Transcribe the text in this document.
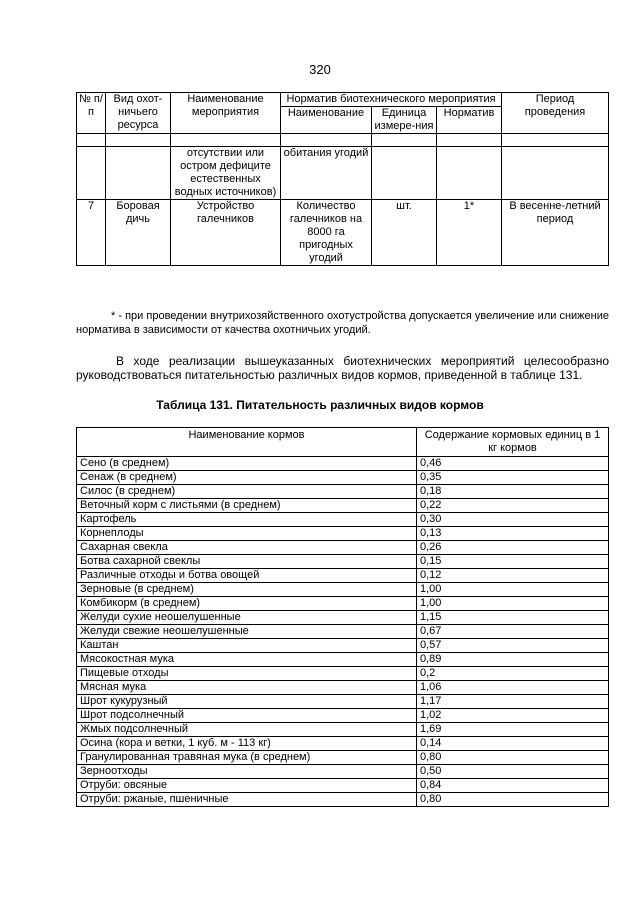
320
№ п/п	Вид охот-ничьего ресурса	Наименование мероприятия	Норматив биотехнического мероприятия			Период проведения
			Наименование	Единица измере-ния	Норматив	

		отсутствии или остром дефиците естественных водных источников)	обитания угодий			
7	Боровая дичь	Устройство галечников	Количество галечников на 8000 га пригодных угодий	шт.	1*	В весенне-летний период
* - при проведении внутрихозяйственного охотустройства допускается увеличение или снижение норматива в зависимости от качества охотничьих угодий.
В ходе реализации вышеуказанных биотехнических мероприятий целесообразно руководствоваться питательностью различных видов кормов, приведенной в таблице 131.
Таблица 131. Питательность различных видов кормов
Наименование кормов	Содержание кормовых единиц в 1 кг кормов
Сено (в среднем)	0,46
Сенаж (в среднем)	0,35
Силос (в среднем)	0,18
Веточный корм с листьями (в среднем)	0,22
Картофель	0,30
Корнеплоды	0,13
Сахарная свекла	0,26
Ботва сахарной свеклы	0,15
Различные отходы и ботва овощей	0,12
Зерновые (в среднем)	1,00
Комбикорм (в среднем)	1,00
Желуди сухие неошелушенные	1,15
Желуди свежие неошелушенные	0,67
Каштан	0,57
Мясокостная мука	0,89
Пищевые отходы	0,2
Мясная мука	1,06
Шрот кукурузный	1,17
Шрот подсолнечный	1,02
Жмых подсолнечный	1,69
Осина (кора и ветки, 1 куб. м - 113 кг)	0,14
Гранулированная травяная мука (в среднем)	0,80
Зерноотходы	0,50
Отруби: овсяные	0,84
Отруби: ржаные, пшеничные	0,80
